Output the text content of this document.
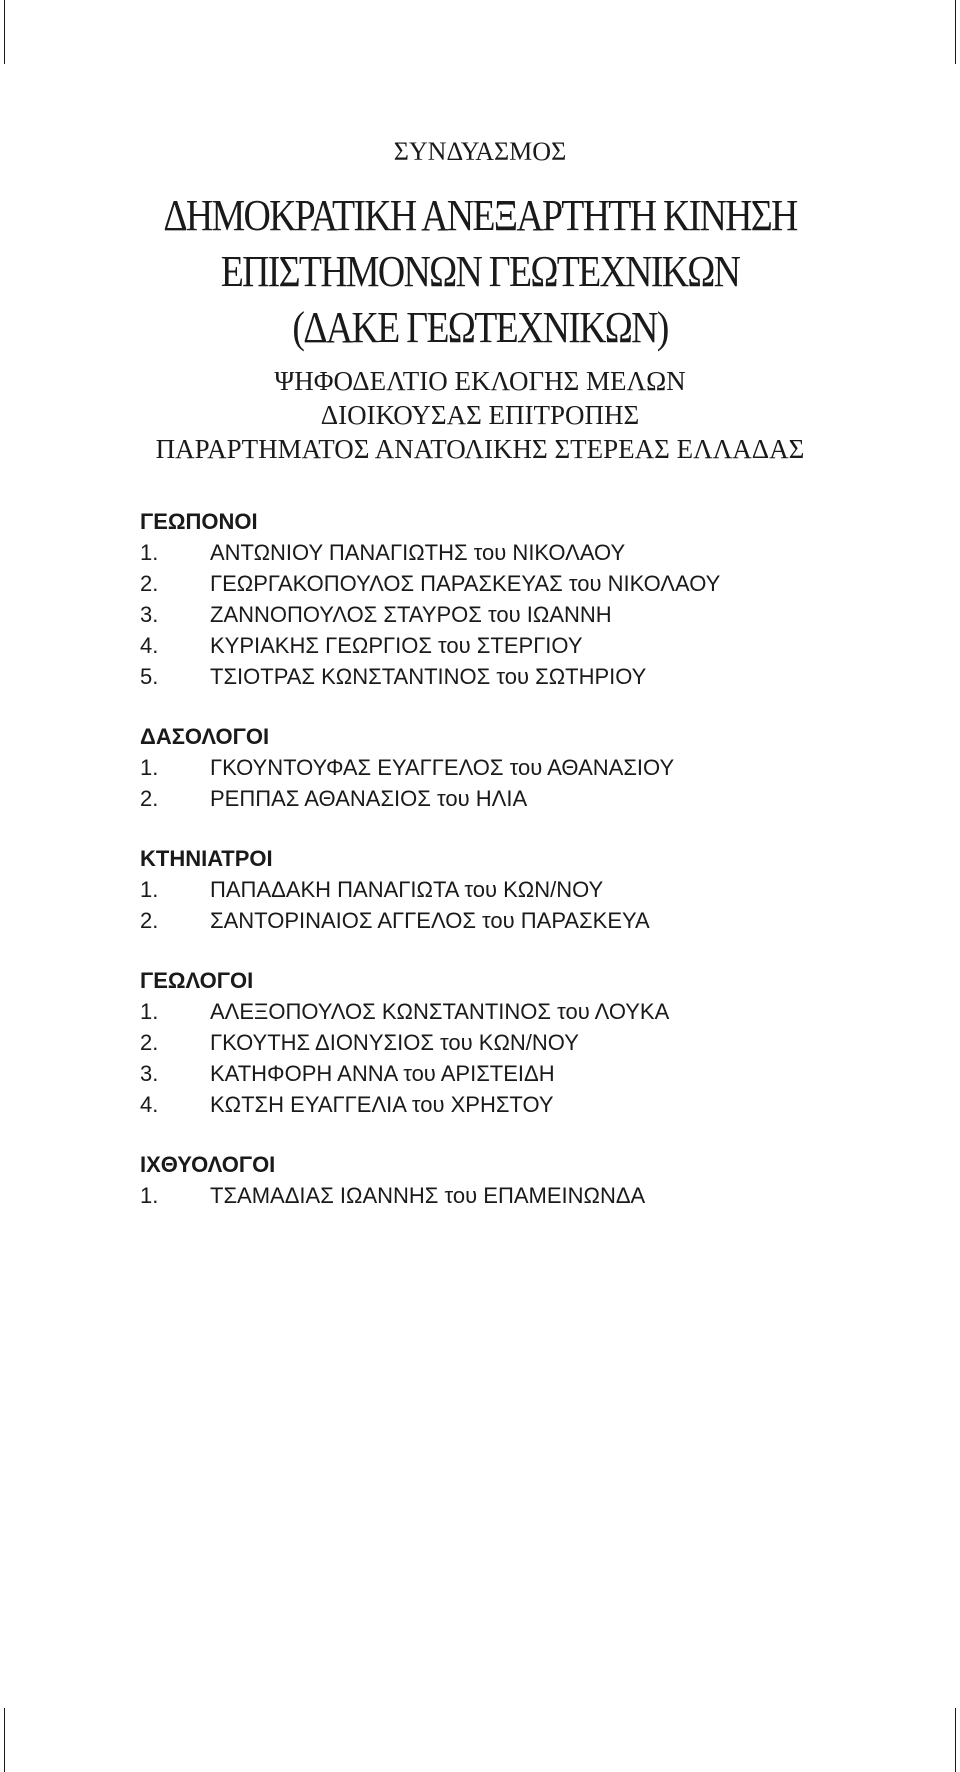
ΣΥΝΔΥΑΣΜΟΣ
ΔΗΜΟΚΡΑΤΙΚΗ ΑΝΕΞΑΡΤΗΤΗ ΚΙΝΗΣΗ
ΕΠΙΣΤΗΜΟΝΩΝ ΓΕΩΤΕΧΝΙΚΩΝ
(ΔΑΚΕ ΓΕΩΤΕΧΝΙΚΩΝ)
ΨΗΦΟΔΕΛΤΙΟ ΕΚΛΟΓΗΣ ΜΕΛΩΝ
ΔΙΟΙΚΟΥΣΑΣ ΕΠΙΤΡΟΠΗΣ
ΠΑΡΑΡΤΗΜΑΤΟΣ ΑΝΑΤΟΛΙΚΗΣ ΣΤΕΡΕΑΣ ΕΛΛΑΔΑΣ
ΓΕΩΠΟΝΟΙ
1.	ΑΝΤΩΝΙΟΥ ΠΑΝΑΓΙΩΤΗΣ του ΝΙΚΟΛΑΟΥ
2.	ΓΕΩΡΓΑΚΟΠΟΥΛΟΣ ΠΑΡΑΣΚΕΥΑΣ του ΝΙΚΟΛΑΟΥ
3.	ΖΑΝΝΟΠΟΥΛΟΣ ΣΤΑΥΡΟΣ του ΙΩΑΝΝΗ
4.	ΚΥΡΙΑΚΗΣ ΓΕΩΡΓΙΟΣ του ΣΤΕΡΓΙΟΥ
5.	ΤΣΙΟΤΡΑΣ ΚΩΝΣΤΑΝΤΙΝΟΣ του ΣΩΤΗΡΙΟΥ
ΔΑΣΟΛΟΓΟΙ
1.	ΓΚΟΥΝΤΟΥΦΑΣ ΕΥΑΓΓΕΛΟΣ του ΑΘΑΝΑΣΙΟΥ
2.	ΡΕΠΠΑΣ ΑΘΑΝΑΣΙΟΣ του ΗΛΙΑ
ΚΤΗΝΙΑΤΡΟΙ
1.	ΠΑΠΑΔΑΚΗ ΠΑΝΑΓΙΩΤΑ του ΚΩΝ/ΝΟΥ
2.	ΣΑΝΤΟΡΙΝΑΙΟΣ ΑΓΓΕΛΟΣ του ΠΑΡΑΣΚΕΥΑ
ΓΕΩΛΟΓΟΙ
1.	ΑΛΕΞΟΠΟΥΛΟΣ ΚΩΝΣΤΑΝΤΙΝΟΣ του ΛΟΥΚΑ
2.	ΓΚΟΥΤΗΣ ΔΙΟΝΥΣΙΟΣ του ΚΩΝ/ΝΟΥ
3.	ΚΑΤΗΦΟΡΗ ΑΝΝΑ του ΑΡΙΣΤΕΙΔΗ
4.	ΚΩΤΣΗ ΕΥΑΓΓΕΛΙΑ του ΧΡΗΣΤΟΥ
ΙΧΘΥΟΛΟΓΟΙ
1.	ΤΣΑΜΑΔΙΑΣ ΙΩΑΝΝΗΣ του ΕΠΑΜΕΙΝΩΝΔΑ
